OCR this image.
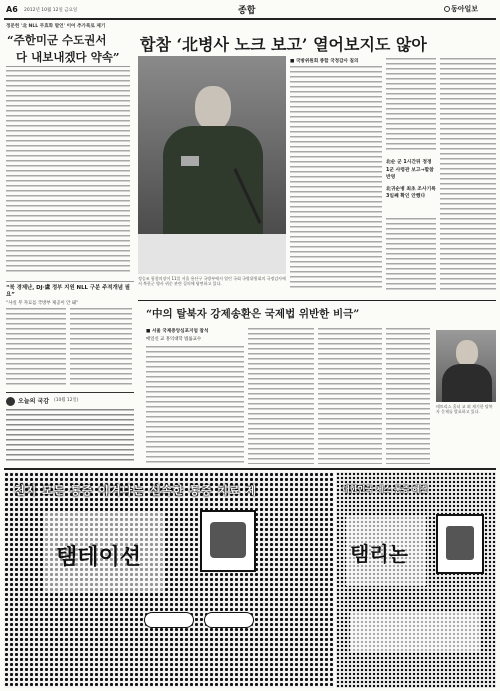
A6 2012년 10월 12일 금요일	종합	동아일보
정문헌 '北 NLL 무효화 발언' 이어 추가폭로 제기
“주한미군 수도권서
다 내보내겠다 약속”
합참 ‘北병사 노크 보고’ 열어보지도 않아
정승조 합참의장이 11일 서울 용산구 국방부에서 열린 국회 국방위원회의 국정감사에서 북한군 병사 귀순 관련 질의에 답변하고 있다.
■ 국방위원회 종합 국정감사 질의
北순 군 1시간뒤 정정
1군 사령관 보고→합참 반영
北귀순병 최초 조사기록 3일째 확인 안했다
“북 경제난, DJ·盧 정부 지원 NLL 구분 주적개념 필요”
“사실 무 자료를 국방부 제공이 안 돼”
오늘의 국감 (10월 12일)
“中의 탈북자 강제송환은 국제법 위반한 비극”
■ 서울 국제중앙심포지엄 참석
매일신 교 홍익대학 법률교수
테트리스 홀더 교 외 제기한 탈북자 문제를 발표하고 있다.
천지 모든 통증 이겨나는 신속한 통증 치료 제
탬테이션
대한민국 제스 통증 해결
탬리논
